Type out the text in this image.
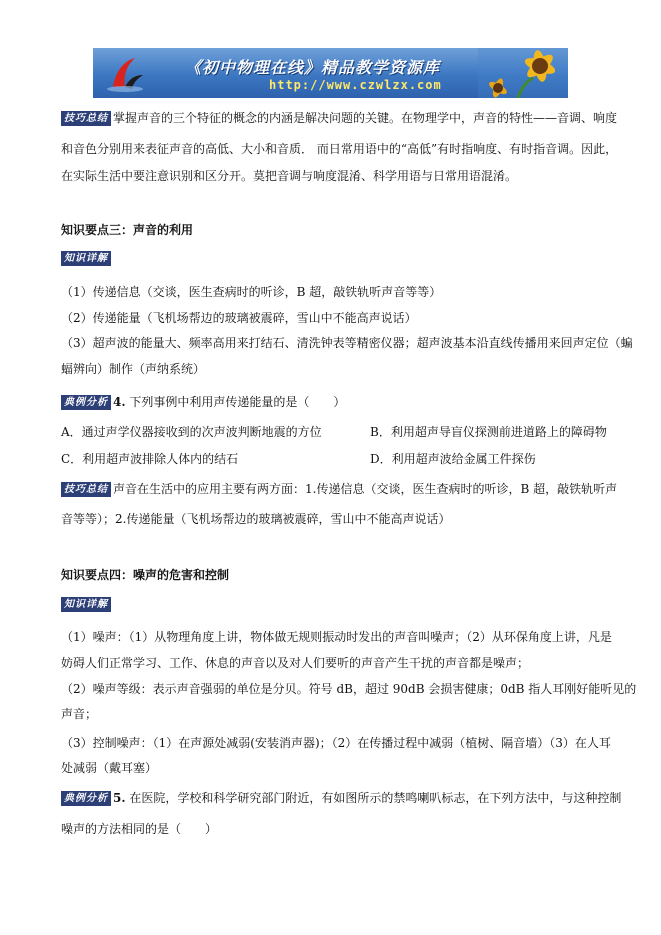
《初中物理在线》精品教学资源库
http://www.czwlzx.com
技巧总结 掌握声音的三个特征的概念的内涵是解决问题的关键。在物理学中，声音的特性——音调、响度
和音色分别用来表征声音的高低、大小和音质． 而日常用语中的“高低”有时指响度、有时指音调。因此，
在实际生活中要注意识别和区分开。莫把音调与响度混淆、科学用语与日常用语混淆。
知识要点三：声音的利用
知识详解
（1）传递信息（交谈，医生查病时的听诊，B 超，敲铁轨听声音等等）
（2）传递能量（飞机场帮边的玻璃被震碎，雪山中不能高声说话）
（3）超声波的能量大、频率高用来打结石、清洗钟表等精密仪器；超声波基本沿直线传播用来回声定位（蝙
蝠辨向）制作（声纳系统）
典例分析 4. 下列事例中利用声传递能量的是（　　）
A．通过声学仪器接收到的次声波判断地震的方位	B．利用超声导盲仪探测前进道路上的障碍物
C．利用超声波排除人体内的结石	D．利用超声波给金属工件探伤
技巧总结 声音在生活中的应用主要有两方面：1.传递信息（交谈，医生查病时的听诊，B 超，敲铁轨听声
音等等）；2.传递能量（飞机场帮边的玻璃被震碎，雪山中不能高声说话）
知识要点四：噪声的危害和控制
知识详解
（1）噪声：（1）从物理角度上讲，物体做无规则振动时发出的声音叫噪声；（2）从环保角度上讲，凡是
妨碍人们正常学习、工作、休息的声音以及对人们要听的声音产生干扰的声音都是噪声；
（2）噪声等级：表示声音强弱的单位是分贝。符号 dB，超过 90dB 会损害健康；0dB 指人耳刚好能听见的
声音；
（3）控制噪声：（1）在声源处减弱(安装消声器)；（2）在传播过程中减弱（植树、隔音墙）（3）在人耳
处减弱（戴耳塞）
典例分析 5. 在医院，学校和科学研究部门附近，有如图所示的禁鸣喇叭标志，在下列方法中，与这种控制
噪声的方法相同的是（　　）
